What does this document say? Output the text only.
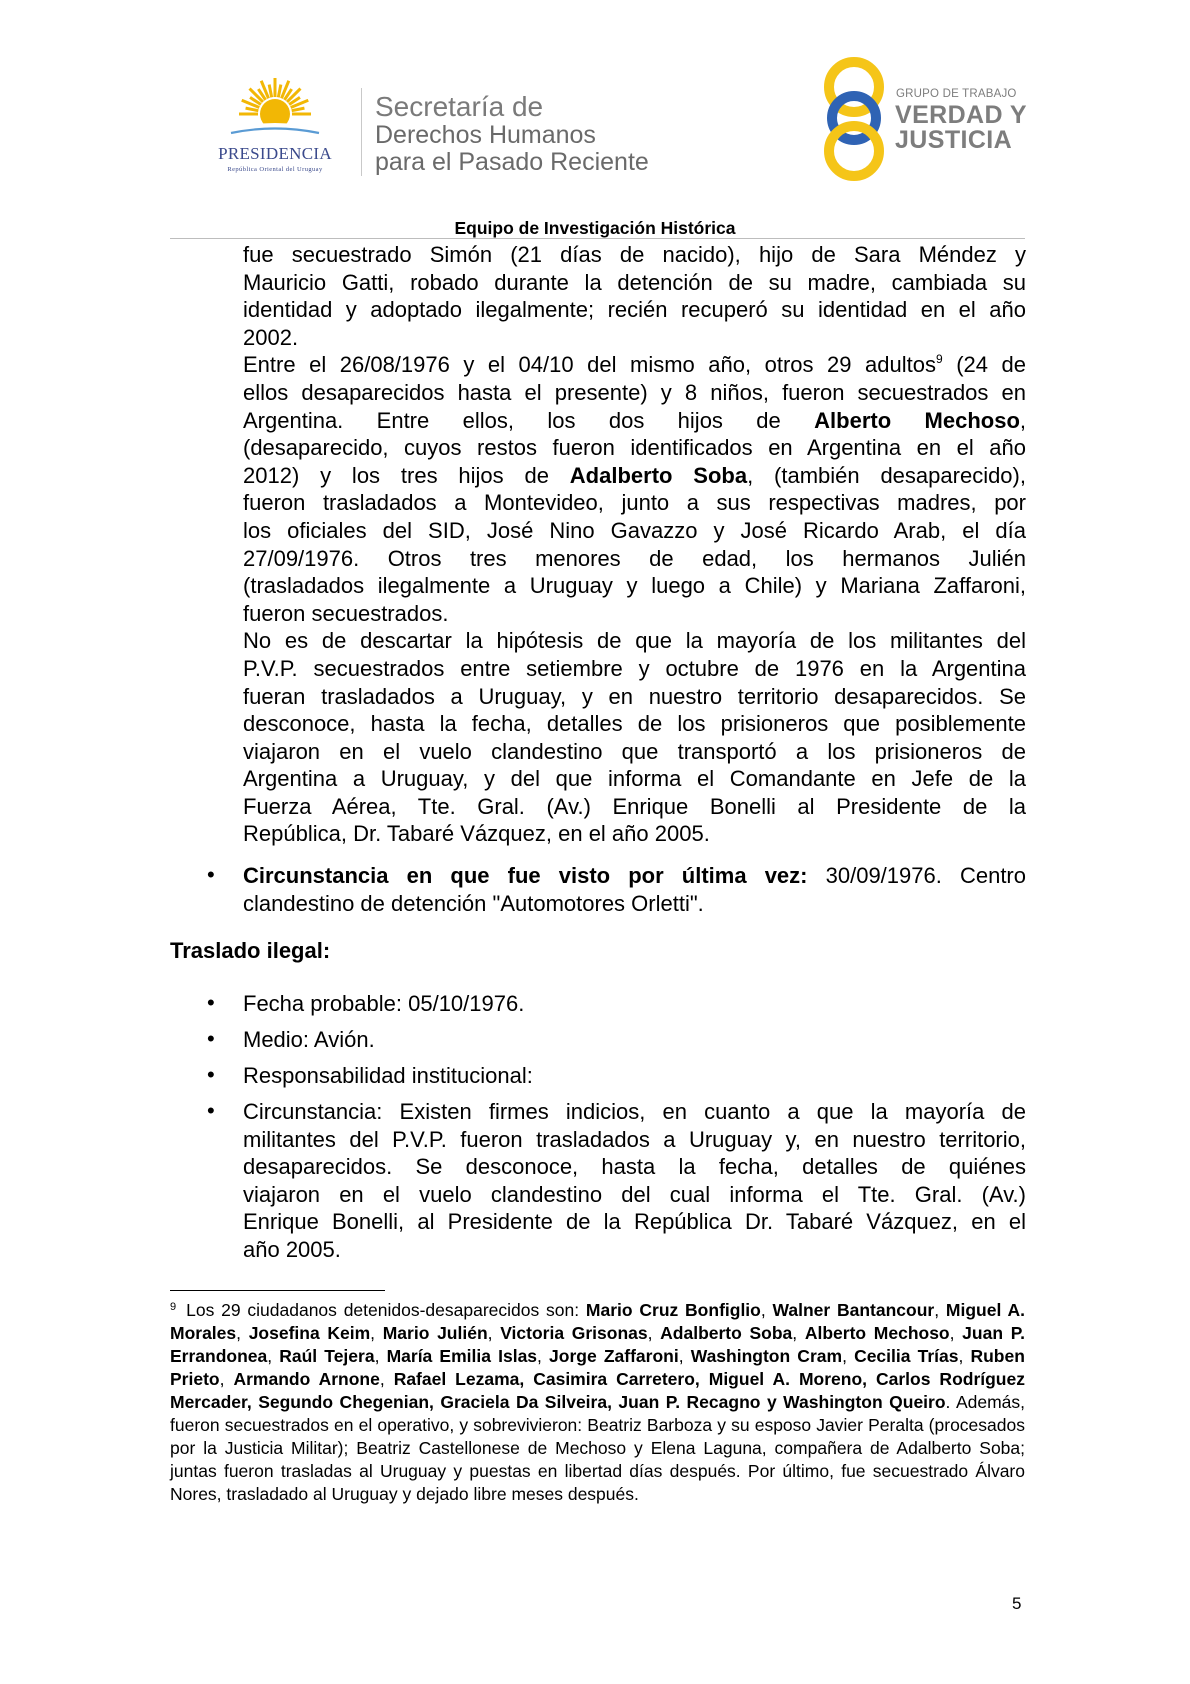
PRESIDENCIA
República Oriental del Uruguay
Secretaría de
Derechos Humanos
para el Pasado Reciente
GRUPO DE TRABAJO
VERDAD Y
JUSTICIA
Equipo de Investigación Histórica
fue secuestrado Simón (21 días de nacido), hijo de Sara Méndez y
Mauricio Gatti, robado durante la detención de su madre, cambiada su
identidad y adoptado ilegalmente; recién recuperó su identidad en el año
2002.
Entre el 26/08/1976 y el 04/10 del mismo año, otros 29 adultos$^9$ (24 de
ellos desaparecidos hasta el presente) y 8 niños, fueron secuestrados en
Argentina. Entre ellos, los dos hijos de Alberto Mechoso,
(desaparecido, cuyos restos fueron identificados en Argentina en el año
2012) y los tres hijos de Adalberto Soba, (también desaparecido),
fueron trasladados a Montevideo, junto a sus respectivas madres, por
los oficiales del SID, José Nino Gavazzo y José Ricardo Arab, el día
27/09/1976. Otros tres menores de edad, los hermanos Julién
(trasladados ilegalmente a Uruguay y luego a Chile) y Mariana Zaffaroni,
fueron secuestrados.
No es de descartar la hipótesis de que la mayoría de los militantes del
P.V.P. secuestrados entre setiembre y octubre de 1976 en la Argentina
fueran trasladados a Uruguay, y en nuestro territorio desaparecidos. Se
desconoce, hasta la fecha, detalles de los prisioneros que posiblemente
viajaron en el vuelo clandestino que transportó a los prisioneros de
Argentina a Uruguay, y del que informa el Comandante en Jefe de la
Fuerza Aérea, Tte. Gral. (Av.) Enrique Bonelli al Presidente de la
República, Dr. Tabaré Vázquez, en el año 2005.
• Circunstancia en que fue visto por última vez: 30/09/1976. Centro
clandestino de detención "Automotores Orletti".
Traslado ilegal:
• Fecha probable: 05/10/1976.
• Medio: Avión.
• Responsabilidad institucional:
• Circunstancia: Existen firmes indicios, en cuanto a que la mayoría de
militantes del P.V.P. fueron trasladados a Uruguay y, en nuestro territorio,
desaparecidos. Se desconoce, hasta la fecha, detalles de quiénes
viajaron en el vuelo clandestino del cual informa el Tte. Gral. (Av.)
Enrique Bonelli, al Presidente de la República Dr. Tabaré Vázquez, en el
año 2005.
$^9$ Los 29 ciudadanos detenidos-desaparecidos son: Mario Cruz Bonfiglio, Walner Bantancour, Miguel A. Morales, Josefina Keim, Mario Julién, Victoria Grisonas, Adalberto Soba, Alberto Mechoso, Juan P. Errandonea, Raúl Tejera, María Emilia Islas, Jorge Zaffaroni, Washington Cram, Cecilia Trías, Ruben Prieto, Armando Arnone, Rafael Lezama, Casimira Carretero, Miguel A. Moreno, Carlos Rodríguez Mercader, Segundo Chegenian, Graciela Da Silveira, Juan P. Recagno y Washington Queiro. Además, fueron secuestrados en el operativo, y sobrevivieron: Beatriz Barboza y su esposo Javier Peralta (procesados por la Justicia Militar); Beatriz Castellonese de Mechoso y Elena Laguna, compañera de Adalberto Soba; juntas fueron trasladas al Uruguay y puestas en libertad días después. Por último, fue secuestrado Álvaro Nores, trasladado al Uruguay y dejado libre meses después.
5
